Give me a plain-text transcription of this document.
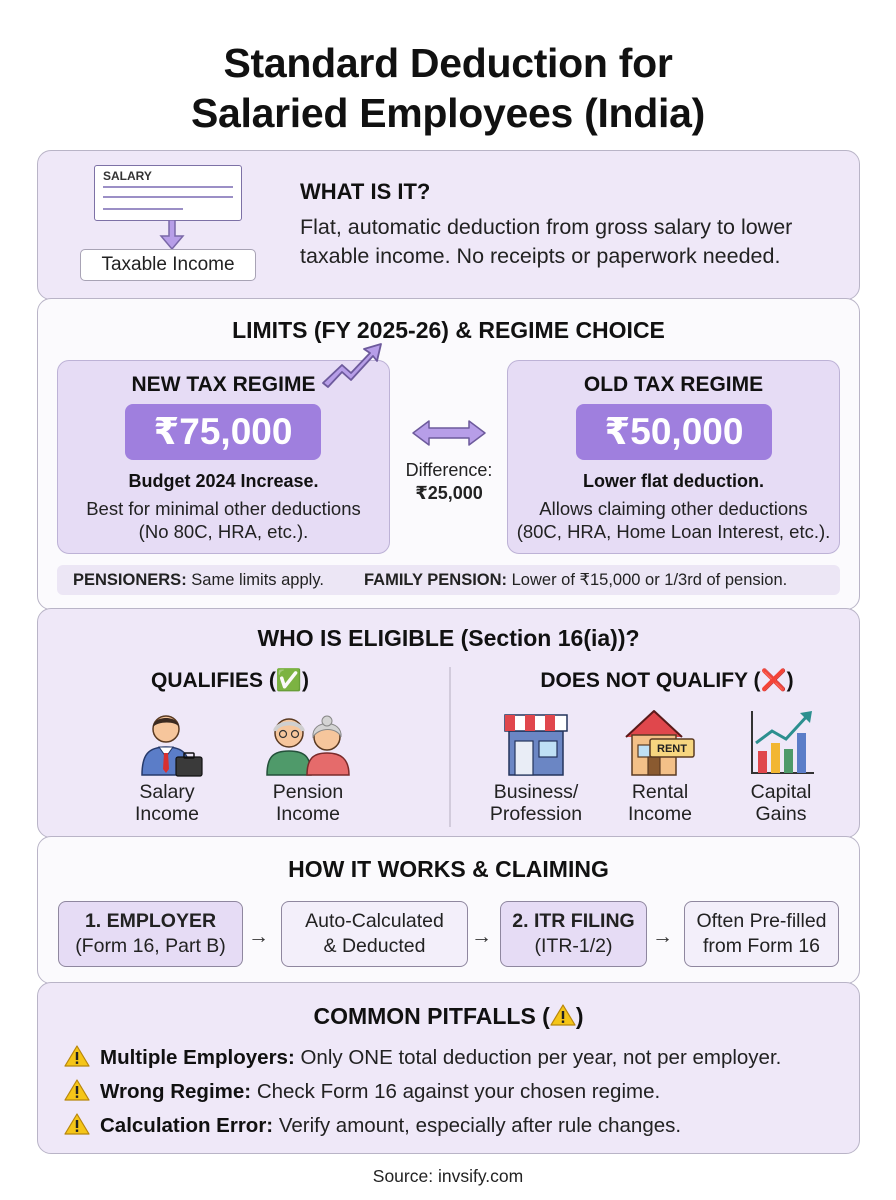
Standard Deduction for
Salaried Employees (India)
SALARY
Taxable Income
WHAT IS IT?
Flat, automatic deduction from gross salary to lower
taxable income. No receipts or paperwork needed.
LIMITS (FY 2025-26) & REGIME CHOICE
NEW TAX REGIME
₹75,000
Budget 2024 Increase.
Best for minimal other deductions
(No 80C, HRA, etc.).
Difference:
₹25,000
OLD TAX REGIME
₹50,000
Lower flat deduction.
Allows claiming other deductions
(80C, HRA, Home Loan Interest, etc.).
PENSIONERS: Same limits apply. FAMILY PENSION: Lower of ₹15,000 or 1/3rd of pension.
WHO IS ELIGIBLE (Section 16(ia))?
QUALIFIES (✅)	DOES NOT QUALIFY (❌)
Salary
Income
Pension
Income
Business/
Profession
RENT
Rental
Income
Capital
Gains
HOW IT WORKS & CLAIMING
1. EMPLOYER
(Form 16, Part B)	→
Auto-Calculated
& Deducted	→
2. ITR FILING
(ITR-1/2)	→
Often Pre-filled
from Form 16
COMMON PITFALLS ( )
Multiple Employers: Only ONE total deduction per year, not per employer.
Wrong Regime: Check Form 16 against your chosen regime.
Calculation Error: Verify amount, especially after rule changes.
Source: invsify.com
